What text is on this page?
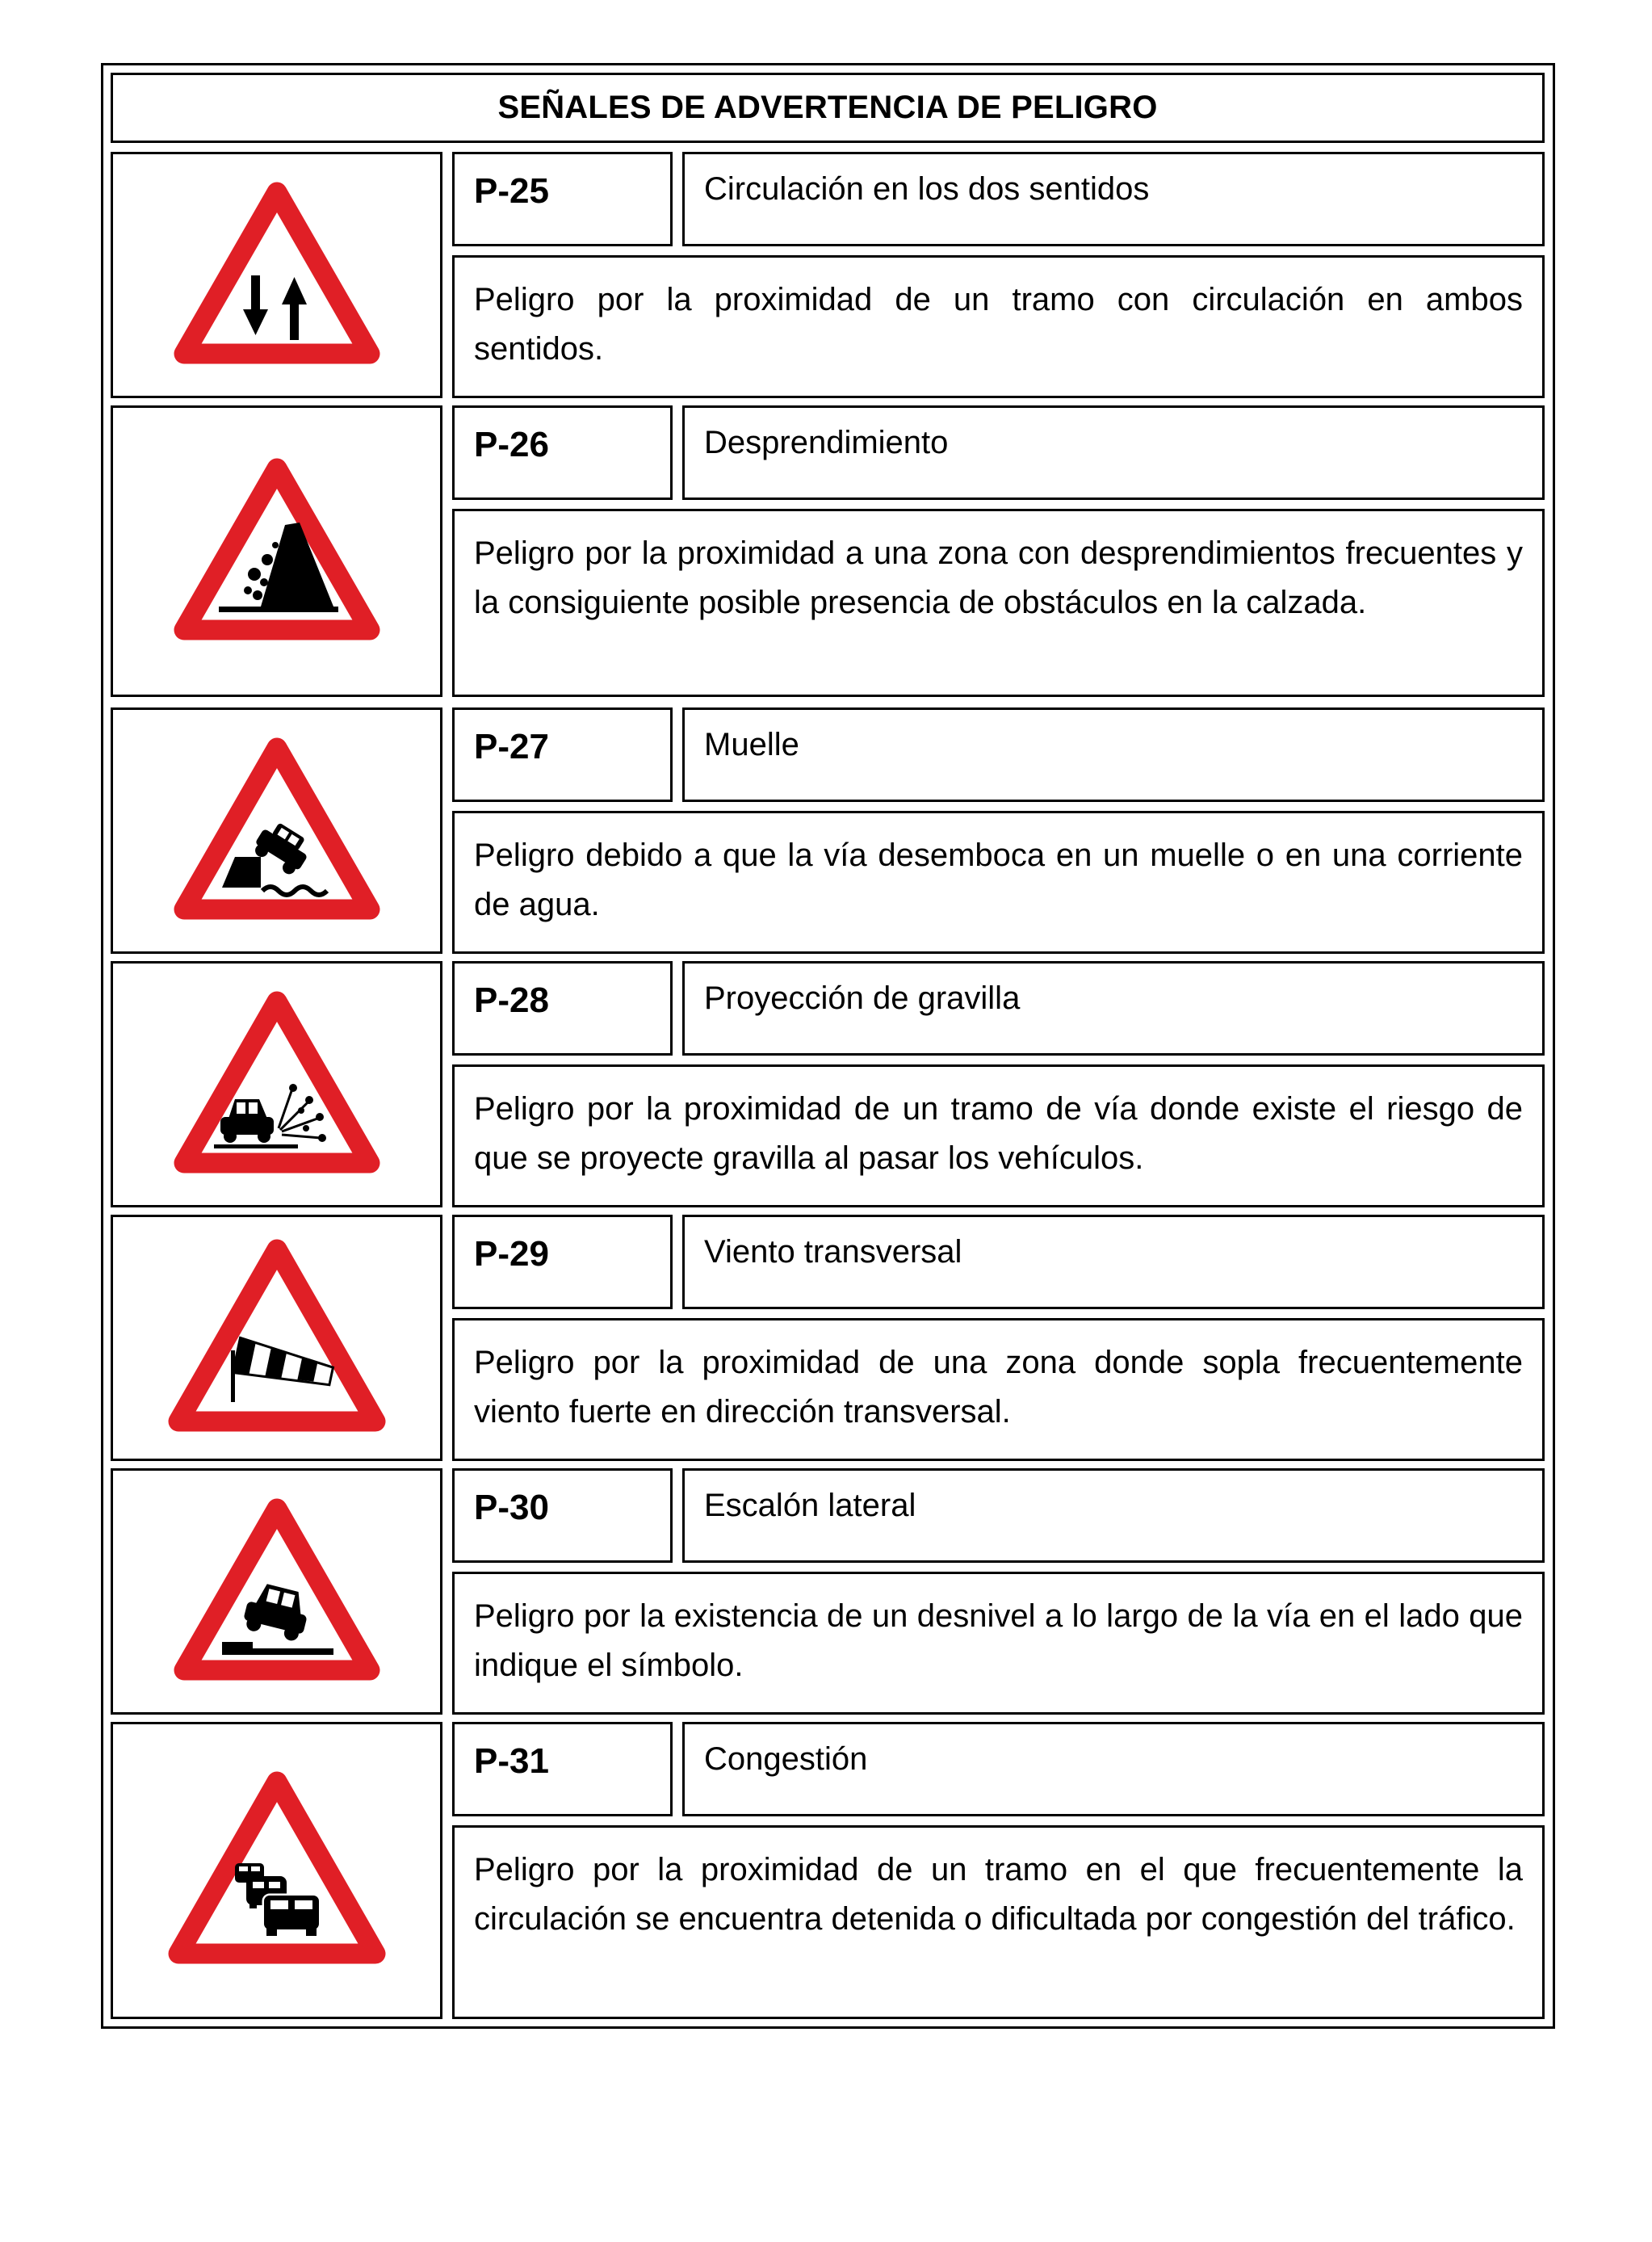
SEÑALES DE ADVERTENCIA DE PELIGRO
P-25	Circulación en los dos sentidos
Peligro por la proximidad de un tramo con circulación en ambos sentidos.
P-26	Desprendimiento
Peligro por la proximidad a una zona con desprendimientos frecuentes y la consiguiente posible presencia de obstáculos en la calzada.
P-27	Muelle
Peligro debido a que la vía desemboca en un muelle o en una corriente de agua.
P-28	Proyección de gravilla
Peligro por la proximidad de un tramo de vía donde existe el riesgo de que se proyecte gravilla al pasar los vehículos.
P-29	Viento transversal
Peligro por la proximidad de una zona donde sopla frecuentemente viento fuerte en dirección transversal.
P-30	Escalón lateral
Peligro por la existencia de un desnivel a lo largo de la vía en el lado que indique el símbolo.
P-31	Congestión
Peligro por la proximidad de un tramo en el que frecuentemente la circulación se encuentra detenida o dificultada por congestión del tráfico.
